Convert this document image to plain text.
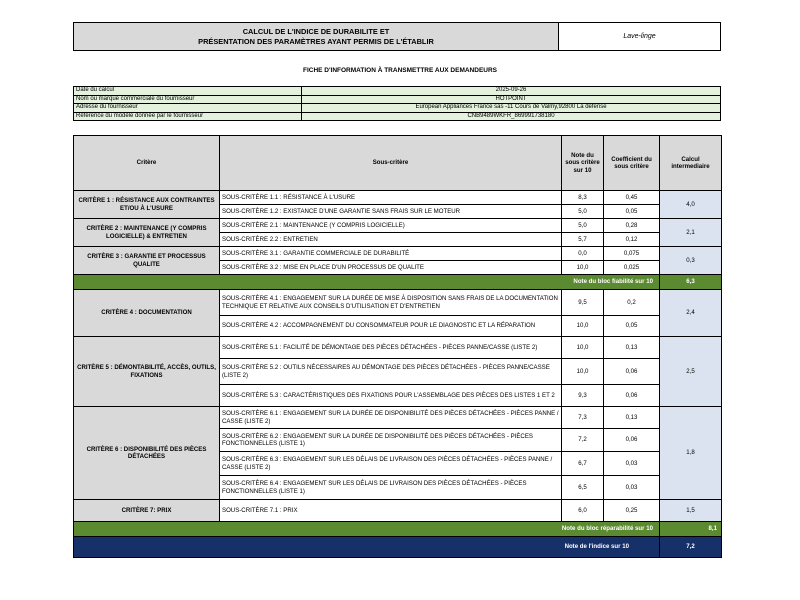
CALCUL DE L'INDICE DE DURABILITE ET
PRÉSENTATION DES PARAMÈTRES AYANT PERMIS DE L'ÉTABLIR	Lave-linge
FICHE D'INFORMATION À TRANSMETTRE AUX DEMANDEURS
Date du calcul	2025-09-26
Nom ou marque commerciale du fournisseur	HOTPOINT
Adresse du fournisseur	European Appliances France sas -11 Cours de Valmy,92800 La defense
Référence du modèle donnée par le fournisseur	CNB9489WKFR_869991738180
Critère	Sous-critère	Note du sous critère sur 10	Coefficient du sous critère	Calcul intermediaire
CRITÈRE 1 : RÉSISTANCE AUX CONTRAINTES ET/OU À L'USURE	SOUS-CRITÈRE 1.1 : RÉSISTANCE À L'USURE	8,3	0,45	4,0
	SOUS-CRITÈRE 1.2 : EXISTANCE D'UNE GARANTIE SANS FRAIS SUR LE MOTEUR	5,0	0,05	
CRITÈRE 2 : MAINTENANCE (Y COMPRIS LOGICIELLE) & ENTRETIEN	SOUS-CRITÈRE 2.1 : MAINTENANCE (Y COMPRIS LOGICIELLE)	5,0	0,28	2,1
	SOUS-CRITÈRE 2.2 : ENTRETIEN	5,7	0,12	
CRITÈRE 3 : GARANTIE ET PROCESSUS QUALITE	SOUS-CRITÈRE 3.1 : GARANTIE COMMERCIALE DE DURABILITÉ	0,0	0,075	0,3
	SOUS-CRITÈRE 3.2 : MISE EN PLACE D'UN PROCESSUS DE QUALITE	10,0	0,025	
Note du bloc fiabilité sur 10				6,3
CRITÈRE 4 : DOCUMENTATION	SOUS-CRITÈRE 4.1 : ENGAGEMENT SUR LA DURÉE DE MISE À DISPOSITION SANS FRAIS DE LA DOCUMENTATION TECHNIQUE ET RELATIVE AUX CONSEILS D'UTILISATION ET D'ENTRETIEN	9,5	0,2	2,4
	SOUS-CRITÈRE 4.2 : ACCOMPAGNEMENT DU CONSOMMATEUR POUR LE DIAGNOSTIC ET LA RÉPARATION	10,0	0,05	
CRITÈRE 5 : DÉMONTABILITÉ, ACCÈS, OUTILS, FIXATIONS	SOUS-CRITÈRE 5.1 : FACILITÉ DE DÉMONTAGE DES PIÈCES DÉTACHÉES - PIÈCES PANNE/CASSE (LISTE 2)	10,0	0,13	2,5
	SOUS-CRITÈRE 5.2 : OUTILS NÉCESSAIRES AU DÉMONTAGE DES PIÈCES DÉTACHÉES - PIÈCES PANNE/CASSE (LISTE 2)	10,0	0,06	
	SOUS-CRITÈRE 5.3 : CARACTÉRISTIQUES DES FIXATIONS POUR L'ASSEMBLAGE DES PIÈCES DES LISTES 1 ET 2	9,3	0,06	
CRITÈRE 6 : DISPONIBILITÉ DES PIÈCES DÉTACHÉES	SOUS-CRITÈRE 6.1 : ENGAGEMENT SUR LA DURÉE DE DISPONIBILITÉ DES PIÈCES DÉTACHÉES - PIÈCES PANNE / CASSE (LISTE 2)	7,3	0,13	1,8
	SOUS-CRITÈRE 6.2 : ENGAGEMENT SUR LA DURÉE DE DISPONIBILITÉ DES PIÈCES DÉTACHÉES - PIÈCES FONCTIONNELLES (LISTE 1)	7,2	0,06	
	SOUS-CRITÈRE 6.3 : ENGAGEMENT SUR LES DÉLAIS DE LIVRAISON DES PIÈCES DÉTACHÉES - PIÈCES PANNE / CASSE (LISTE 2)	6,7	0,03	
	SOUS-CRITÈRE 6.4 : ENGAGEMENT SUR LES DÉLAIS DE LIVRAISON DES PIÈCES DÉTACHÉES - PIÈCES FONCTIONNELLES (LISTE 1)	6,5	0,03	
CRITÈRE 7: PRIX	SOUS-CRITÈRE 7.1 : PRIX	6,0	0,25	1,5
Note du bloc réparabilité sur 10				8,1
Note de l'indice sur 10				7,2
